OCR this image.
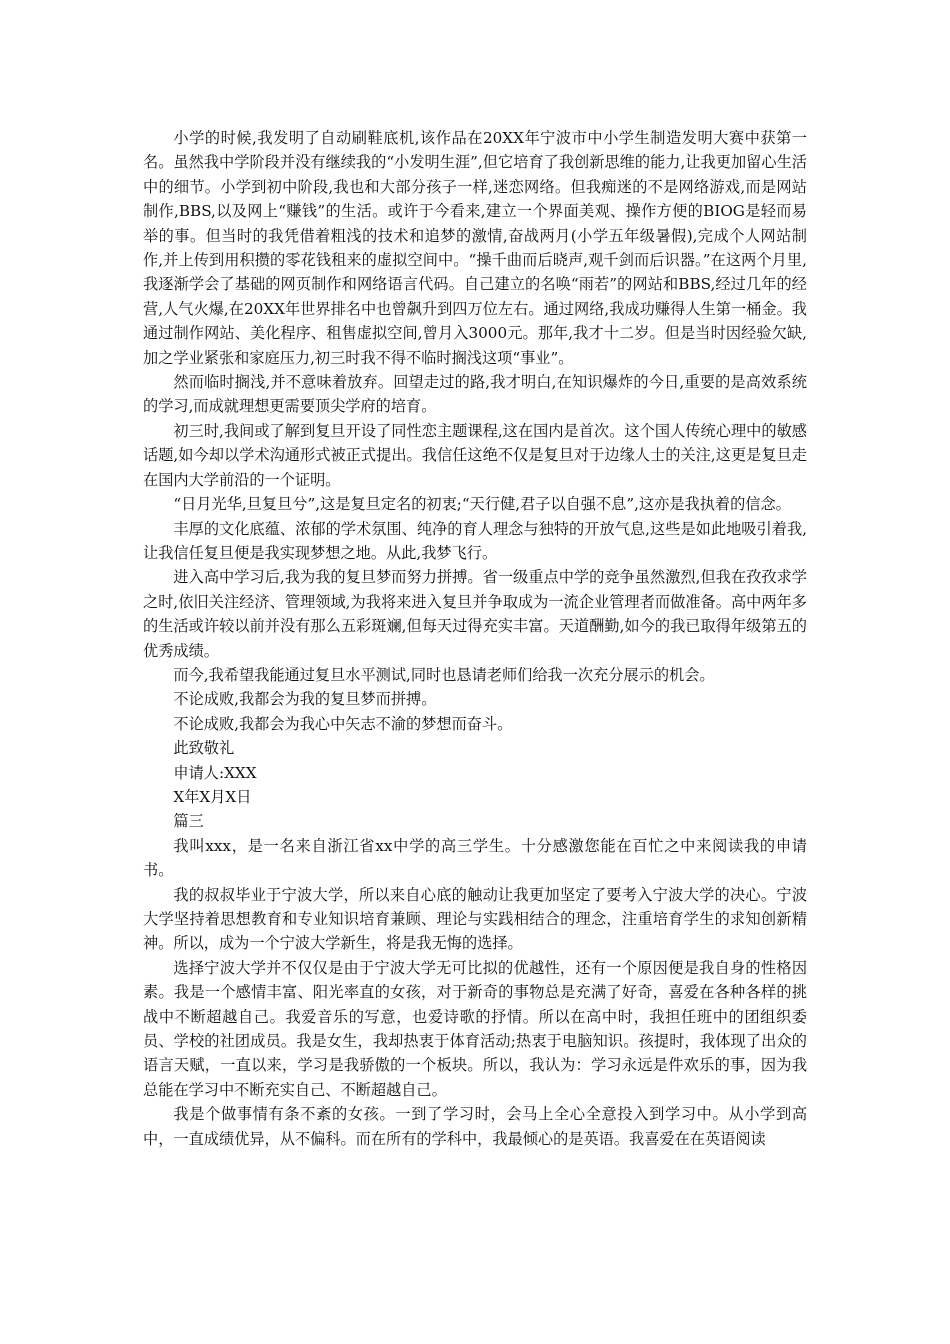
小学的时候,我发明了自动刷鞋底机,该作品在20XX年宁波市中小学生制造发明大赛中获第一名。虽然我中学阶段并没有继续我的“小发明生涯”,但它培育了我创新思维的能力,让我更加留心生活中的细节。小学到初中阶段,我也和大部分孩子一样,迷恋网络。但我痴迷的不是网络游戏,而是网站制作,BBS,以及网上“赚钱”的生活。或许于今看来,建立一个界面美观、操作方便的BIOG是轻而易举的事。但当时的我凭借着粗浅的技术和追梦的激情,奋战两月(小学五年级暑假),完成个人网站制作,并上传到用积攒的零花钱租来的虚拟空间中。“操千曲而后晓声,观千剑而后识器。”在这两个月里,我逐渐学会了基础的网页制作和网络语言代码。自己建立的名唤“雨若”的网站和BBS,经过几年的经营,人气火爆,在20XX年世界排名中也曾飙升到四万位左右。通过网络,我成功赚得人生第一桶金。我通过制作网站、美化程序、租售虚拟空间,曾月入3000元。那年,我才十二岁。但是当时因经验欠缺,加之学业紧张和家庭压力,初三时我不得不临时搁浅这项“事业”。

然而临时搁浅,并不意味着放弃。回望走过的路,我才明白,在知识爆炸的今日,重要的是高效系统的学习,而成就理想更需要顶尖学府的培育。

初三时,我间或了解到复旦开设了同性恋主题课程,这在国内是首次。这个国人传统心理中的敏感话题,如今却以学术沟通形式被正式提出。我信任这绝不仅是复旦对于边缘人士的关注,这更是复旦走在国内大学前沿的一个证明。

“日月光华,旦复旦兮”,这是复旦定名的初衷;“天行健,君子以自强不息”,这亦是我执着的信念。

丰厚的文化底蕴、浓郁的学术氛围、纯净的育人理念与独特的开放气息,这些是如此地吸引着我,让我信任复旦便是我实现梦想之地。从此,我梦飞行。

进入高中学习后,我为我的复旦梦而努力拼搏。省一级重点中学的竞争虽然激烈,但我在孜孜求学之时,依旧关注经济、管理领域,为我将来进入复旦并争取成为一流企业管理者而做准备。高中两年多的生活或许较以前并没有那么五彩斑斓,但每天过得充实丰富。天道酬勤,如今的我已取得年级第五的优秀成绩。

而今,我希望我能通过复旦水平测试,同时也恳请老师们给我一次充分展示的机会。

不论成败,我都会为我的复旦梦而拼搏。

不论成败,我都会为我心中矢志不渝的梦想而奋斗。

此致敬礼

申请人:XXX

X年X月X日

篇三

我叫xxx，是一名来自浙江省xx中学的高三学生。十分感激您能在百忙之中来阅读我的申请书。

我的叔叔毕业于宁波大学，所以来自心底的触动让我更加坚定了要考入宁波大学的决心。宁波大学坚持着思想教育和专业知识培育兼顾、理论与实践相结合的理念，注重培育学生的求知创新精神。所以，成为一个宁波大学新生，将是我无悔的选择。

选择宁波大学并不仅仅是由于宁波大学无可比拟的优越性，还有一个原因便是我自身的性格因素。我是一个感情丰富、阳光率直的女孩，对于新奇的事物总是充满了好奇，喜爱在各种各样的挑战中不断超越自己。我爱音乐的写意，也爱诗歌的抒情。所以在高中时，我担任班中的团组织委员、学校的社团成员。我是女生，我却热衷于体育活动;热衷于电脑知识。孩提时，我体现了出众的语言天赋，一直以来，学习是我骄傲的一个板块。所以，我认为：学习永远是件欢乐的事，因为我总能在学习中不断充实自己、不断超越自己。

我是个做事情有条不紊的女孩。一到了学习时，会马上全心全意投入到学习中。从小学到高中，一直成绩优异，从不偏科。而在所有的学科中，我最倾心的是英语。我喜爱在在英语阅读
